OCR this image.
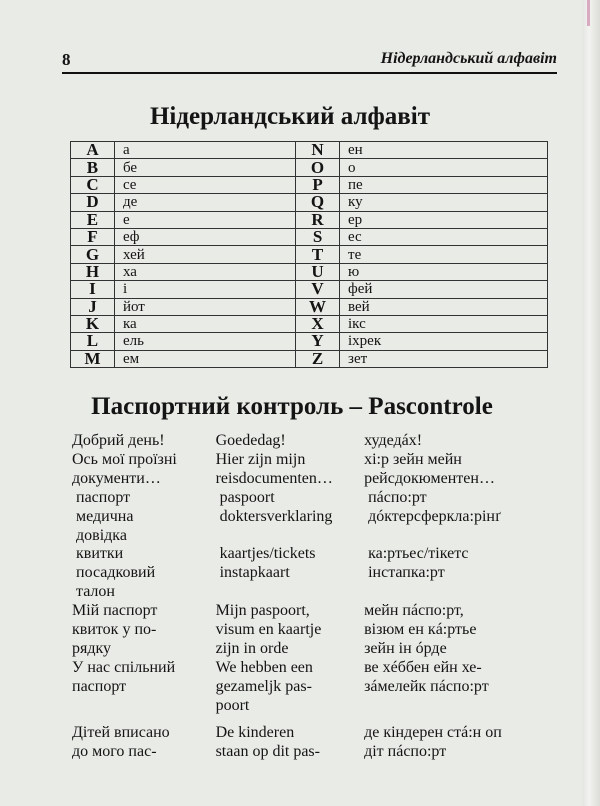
8	Нідерландський алфавіт
Нідерландський алфавіт
A	а	N	ен
B	бе	O	о
C	се	P	пе
D	де	Q	ку
E	е	R	ер
F	еф	S	ес
G	хей	T	те
H	ха	U	ю
I	і	V	фей
J	йот	W	вей
K	ка	X	ікс
L	ель	Y	іхрек
M	ем	Z	зет
Паспортний контроль – Pascontrole
Добрий день!	Goededag!	худедáх!
Ось мої проїзні	Hier zijn mijn	хі:р зейн мейн
документи…	reisdocumenten…	рейсдокюментен…
паспорт	paspoort	пáспо:рт
медична	doktersverklaring	дóктерсферкла:рінґ
довідка
квитки	kaartjes/tickets	ка:ртьес/тікетс
посадковий	instapkaart	інстапка:рт
талон
Мій паспорт	Mijn paspoort,	мейн пáспо:рт,
квиток у по-	visum en kaartje	візюм ен кá:ртье
рядку	zijn in orde	зейн ін óрде
У нас спільний	We hebben een	ве хéббен ейн хе-
паспорт	gezameljk pas-	зáмелейк пáспо:рт
poort
Дітей вписано	De kinderen	де кіндерен стá:н оп
до мого пас-	staan op dit pas-	діт пáспо:рт
